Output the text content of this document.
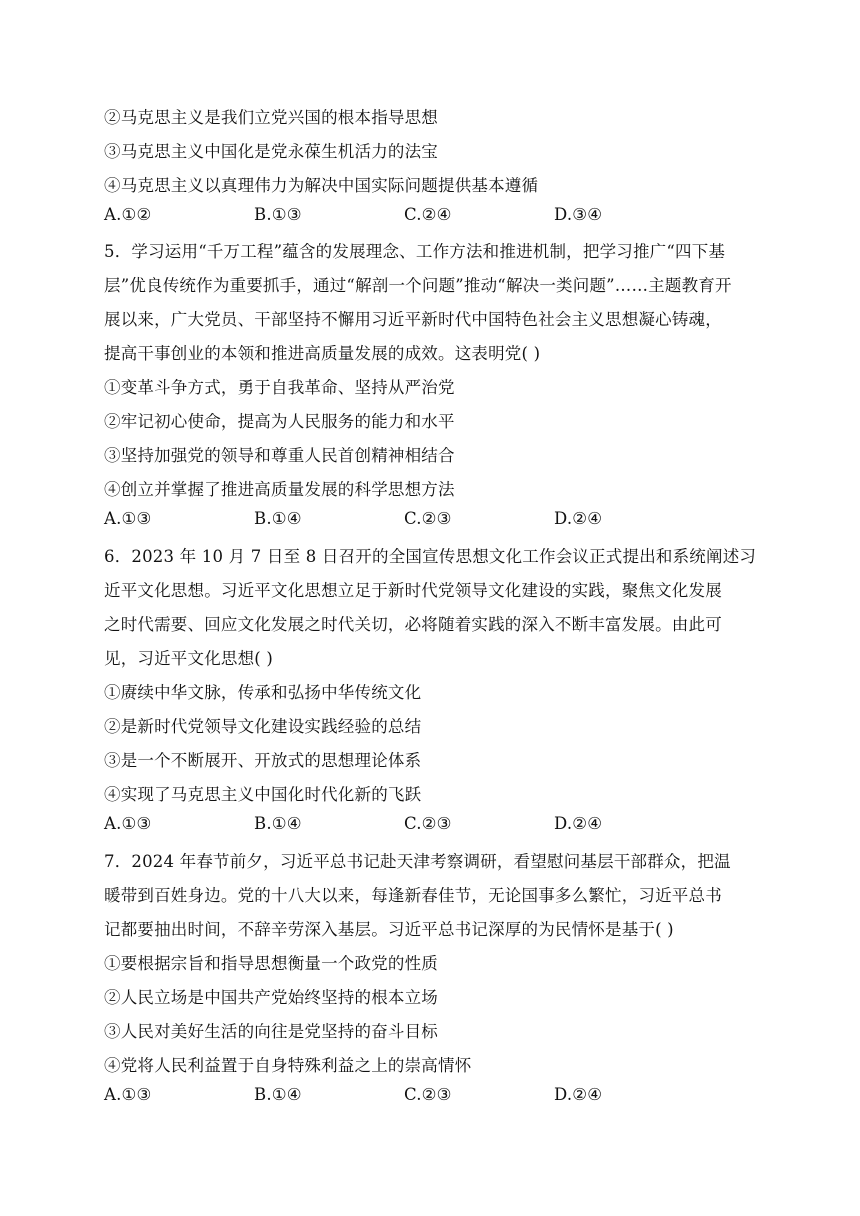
②马克思主义是我们立党兴国的根本指导思想
③马克思主义中国化是党永葆生机活力的法宝
④马克思主义以真理伟力为解决中国实际问题提供基本遵循
A.①②	B.①③	C.②④	D.③④
5．学习运用“千万工程”蕴含的发展理念、工作方法和推进机制，把学习推广“四下基
层”优良传统作为重要抓手，通过“解剖一个问题”推动“解决一类问题”……主题教育开
展以来，广大党员、干部坚持不懈用习近平新时代中国特色社会主义思想凝心铸魂，
提高干事创业的本领和推进高质量发展的成效。这表明党( )
①变革斗争方式，勇于自我革命、坚持从严治党
②牢记初心使命，提高为人民服务的能力和水平
③坚持加强党的领导和尊重人民首创精神相结合
④创立并掌握了推进高质量发展的科学思想方法
A.①③	B.①④	C.②③	D.②④
6．2023 年 10 月 7 日至 8 日召开的全国宣传思想文化工作会议正式提出和系统阐述习
近平文化思想。习近平文化思想立足于新时代党领导文化建设的实践，聚焦文化发展
之时代需要、回应文化发展之时代关切，必将随着实践的深入不断丰富发展。由此可
见，习近平文化思想( )
①赓续中华文脉，传承和弘扬中华传统文化
②是新时代党领导文化建设实践经验的总结
③是一个不断展开、开放式的思想理论体系
④实现了马克思主义中国化时代化新的飞跃
A.①③	B.①④	C.②③	D.②④
7．2024 年春节前夕，习近平总书记赴天津考察调研，看望慰问基层干部群众，把温
暖带到百姓身边。党的十八大以来，每逢新春佳节，无论国事多么繁忙，习近平总书
记都要抽出时间，不辞辛劳深入基层。习近平总书记深厚的为民情怀是基于( )
①要根据宗旨和指导思想衡量一个政党的性质
②人民立场是中国共产党始终坚持的根本立场
③人民对美好生活的向往是党坚持的奋斗目标
④党将人民利益置于自身特殊利益之上的崇高情怀
A.①③	B.①④	C.②③	D.②④
